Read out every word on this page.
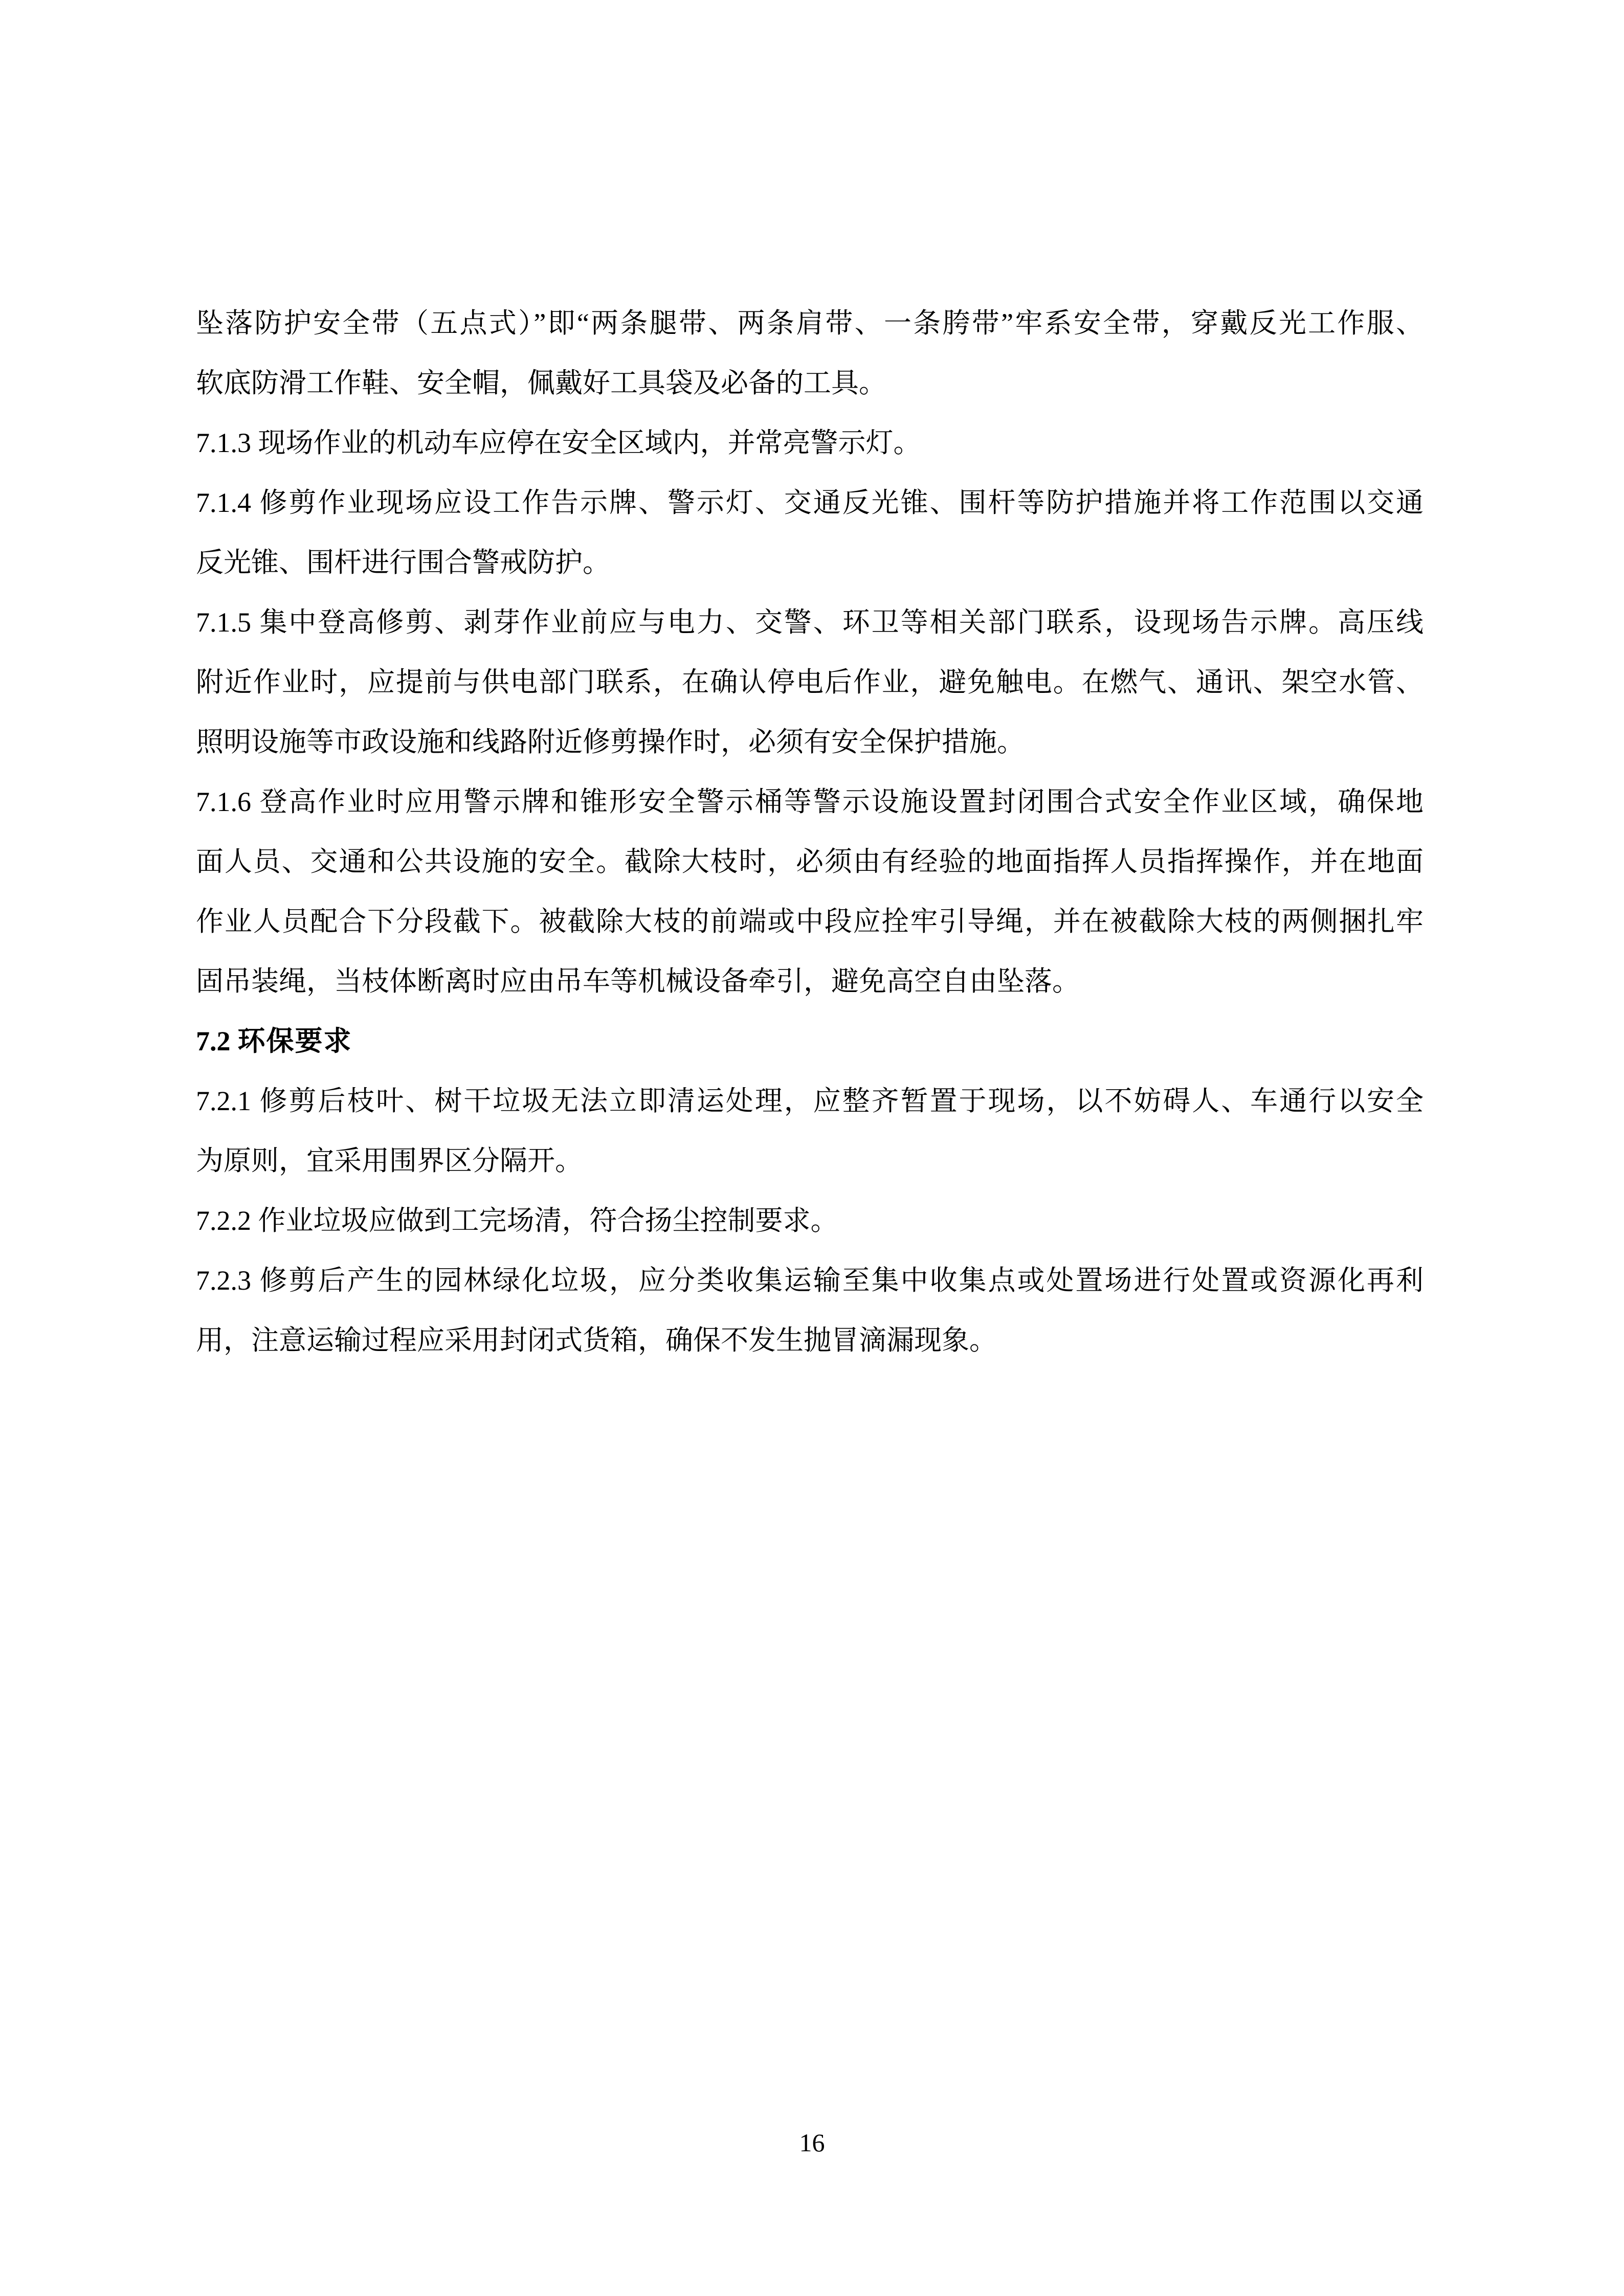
坠落防护安全带（五点式）”即“两条腿带、两条肩带、一条胯带”牢系安全带，穿戴反光工作服、
软底防滑工作鞋、安全帽，佩戴好工具袋及必备的工具。
7.1.3 现场作业的机动车应停在安全区域内，并常亮警示灯。
7.1.4 修剪作业现场应设工作告示牌、警示灯、交通反光锥、围杆等防护措施并将工作范围以交通
反光锥、围杆进行围合警戒防护。
7.1.5 集中登高修剪、剥芽作业前应与电力、交警、环卫等相关部门联系，设现场告示牌。高压线
附近作业时，应提前与供电部门联系，在确认停电后作业，避免触电。在燃气、通讯、架空水管、
照明设施等市政设施和线路附近修剪操作时，必须有安全保护措施。
7.1.6 登高作业时应用警示牌和锥形安全警示桶等警示设施设置封闭围合式安全作业区域，确保地
面人员、交通和公共设施的安全。截除大枝时，必须由有经验的地面指挥人员指挥操作，并在地面
作业人员配合下分段截下。被截除大枝的前端或中段应拴牢引导绳，并在被截除大枝的两侧捆扎牢
固吊装绳，当枝体断离时应由吊车等机械设备牵引，避免高空自由坠落。
7.2 环保要求
7.2.1 修剪后枝叶、树干垃圾无法立即清运处理，应整齐暂置于现场，以不妨碍人、车通行以安全
为原则，宜采用围界区分隔开。
7.2.2 作业垃圾应做到工完场清，符合扬尘控制要求。
7.2.3 修剪后产生的园林绿化垃圾，应分类收集运输至集中收集点或处置场进行处置或资源化再利
用，注意运输过程应采用封闭式货箱，确保不发生抛冒滴漏现象。
16
